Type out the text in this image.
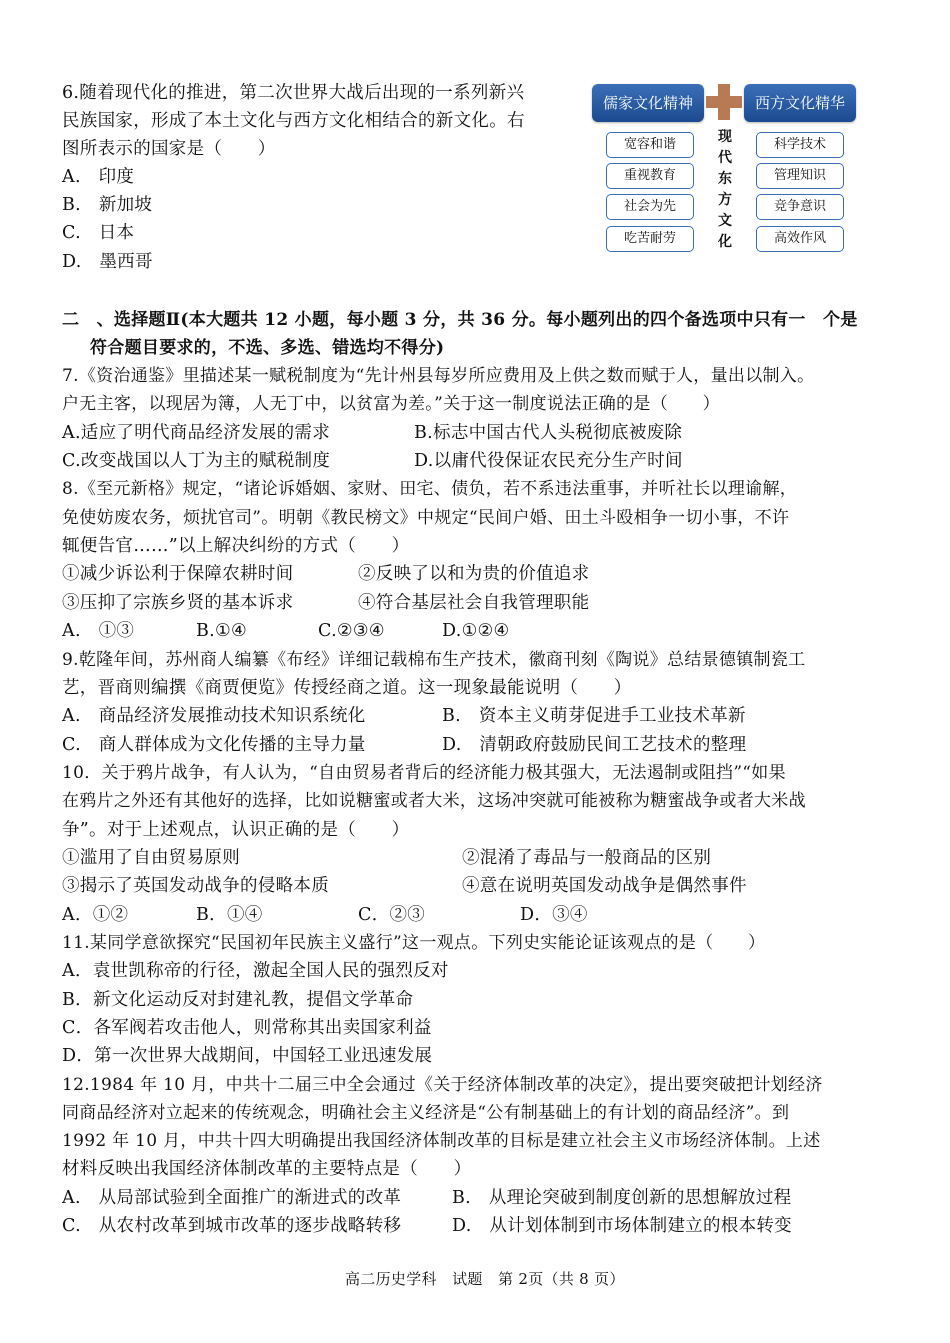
6.随着现代化的推进，第二次世界大战后出现的一系列新兴
民族国家，形成了本土文化与西方文化相结合的新文化。右
图所表示的国家是（　　）
A.　印度
B.　新加坡
C.　日本
D.　墨西哥
儒家文化精神	西方文化精华
宽容和谐
重视教育
社会为先
吃苦耐劳
科学技术
管理知识
竞争意识
高效作风
现
代
东
方
文
化
二　、选择题Ⅱ(本大题共 12 小题，每小题 3 分，共 36 分。每小题列出的四个备选项中只有一　个是
符合题目要求的，不选、多选、错选均不得分)
7.《资治通鉴》里描述某一赋税制度为“先计州县每岁所应费用及上供之数而赋于人，量出以制入。
户无主客，以现居为簿，人无丁中，以贫富为差。”关于这一制度说法正确的是（　　）
A.适应了明代商品经济发展的需求	B.标志中国古代人头税彻底被废除
C.改变战国以人丁为主的赋税制度	D.以庸代役保证农民充分生产时间
8.《至元新格》规定，“诸论诉婚姻、家财、田宅、债负，若不系违法重事，并听社长以理谕解，
免使妨废农务，烦扰官司”。明朝《教民榜文》中规定“民间户婚、田土斗殴相争一切小事，不许
辄便告官……”以上解决纠纷的方式（　　）
①减少诉讼利于保障农耕时间	②反映了以和为贵的价值追求
③压抑了宗族乡贤的基本诉求	④符合基层社会自我管理职能
A.　①③	B.①④	C.②③④	D.①②④
9.乾隆年间，苏州商人编纂《布经》详细记载棉布生产技术，徽商刊刻《陶说》总结景德镇制瓷工
艺，晋商则编撰《商贾便览》传授经商之道。这一现象最能说明（　　）
A.　商品经济发展推动技术知识系统化	B.　资本主义萌芽促进手工业技术革新
C.　商人群体成为文化传播的主导力量	D.　清朝政府鼓励民间工艺技术的整理
10．关于鸦片战争，有人认为，“自由贸易者背后的经济能力极其强大，无法遏制或阻挡”“如果
在鸦片之外还有其他好的选择，比如说糖蜜或者大米，这场冲突就可能被称为糖蜜战争或者大米战
争”。对于上述观点，认识正确的是（　　）
①滥用了自由贸易原则	②混淆了毒品与一般商品的区别
③揭示了英国发动战争的侵略本质	④意在说明英国发动战争是偶然事件
A．①②	B．①④	C．②③	D．③④
11.某同学意欲探究“民国初年民族主义盛行”这一观点。下列史实能论证该观点的是（　　）
A．袁世凯称帝的行径，激起全国人民的强烈反对
B．新文化运动反对封建礼教，提倡文学革命
C．各军阀若攻击他人，则常称其出卖国家利益
D．第一次世界大战期间，中国轻工业迅速发展
12.1984 年 10 月，中共十二届三中全会通过《关于经济体制改革的决定》，提出要突破把计划经济
同商品经济对立起来的传统观念，明确社会主义经济是“公有制基础上的有计划的商品经济”。到
1992 年 10 月，中共十四大明确提出我国经济体制改革的目标是建立社会主义市场经济体制。上述
材料反映出我国经济体制改革的主要特点是（　　）
A.　从局部试验到全面推广的渐进式的改革	B.　从理论突破到制度创新的思想解放过程
C.　从农村改革到城市改革的逐步战略转移	D.　从计划体制到市场体制建立的根本转变
高二历史学科　试题　第 2页（共 8 页）
